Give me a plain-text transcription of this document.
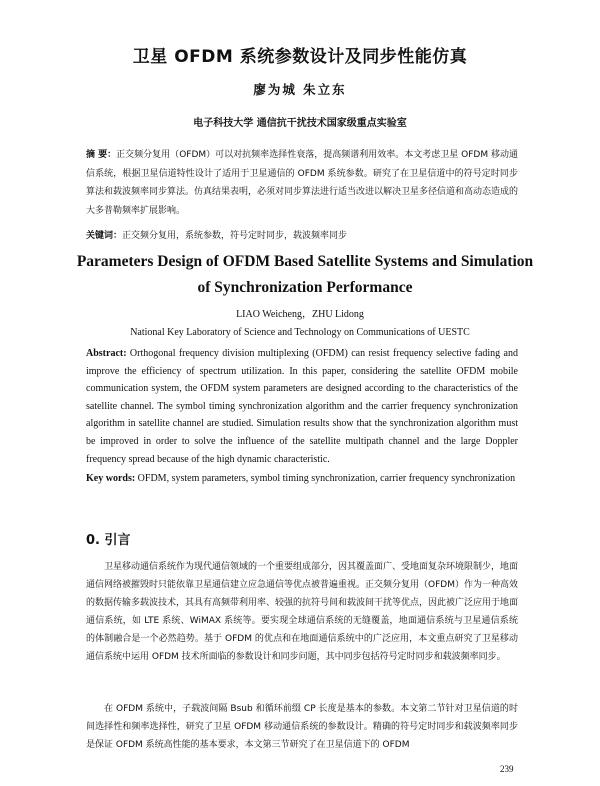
卫星 OFDM 系统参数设计及同步性能仿真
廖为城 朱立东
电子科技大学 通信抗干扰技术国家级重点实验室
摘 要：正交频分复用（OFDM）可以对抗频率选择性衰落，提高频谱利用效率。本文考虑卫星 OFDM 移动通信系统，根据卫星信道特性设计了适用于卫星通信的 OFDM 系统参数。研究了在卫星信道中的符号定时同步算法和载波频率同步算法。仿真结果表明，必须对同步算法进行适当改进以解决卫星多径信道和高动态造成的大多普勒频率扩展影响。
关键词：正交频分复用，系统参数，符号定时同步，载波频率同步
Parameters Design of OFDM Based Satellite Systems and Simulation of Synchronization Performance
LIAO Weicheng，ZHU Lidong
National Key Laboratory of Science and Technology on Communications of UESTC
Abstract: Orthogonal frequency division multiplexing (OFDM) can resist frequency selective fading and improve the efficiency of spectrum utilization. In this paper, considering the satellite OFDM mobile communication system, the OFDM system parameters are designed according to the characteristics of the satellite channel. The symbol timing synchronization algorithm and the carrier frequency synchronization algorithm in satellite channel are studied. Simulation results show that the synchronization algorithm must be improved in order to solve the influence of the satellite multipath channel and the large Doppler frequency spread because of the high dynamic characteristic.
Key words: OFDM, system parameters, symbol timing synchronization, carrier frequency synchronization
0. 引言
卫星移动通信系统作为现代通信领域的一个重要组成部分，因其覆盖面广、受地面复杂环境限制少，地面通信网络被摧毁时只能依靠卫星通信建立应急通信等优点被普遍重视。正交频分复用（OFDM）作为一种高效的数据传输多载波技术，其具有高频带利用率、较强的抗符号间和载波间干扰等优点，因此被广泛应用于地面通信系统，如 LTE 系统、WiMAX 系统等。要实现全球通信系统的无缝覆盖，地面通信系统与卫星通信系统的体制融合是一个必然趋势。基于 OFDM 的优点和在地面通信系统中的广泛应用，本文重点研究了卫星移动通信系统中运用 OFDM 技术所面临的参数设计和同步问题，其中同步包括符号定时同步和载波频率同步。
在 OFDM 系统中，子载波间隔 Bsub 和循环前缀 CP 长度是基本的参数。本文第二节针对卫星信道的时间选择性和频率选择性，研究了卫星 OFDM 移动通信系统的参数设计。精确的符号定时同步和载波频率同步是保证 OFDM 系统高性能的基本要求，本文第三节研究了在卫星信道下的 OFDM
239
